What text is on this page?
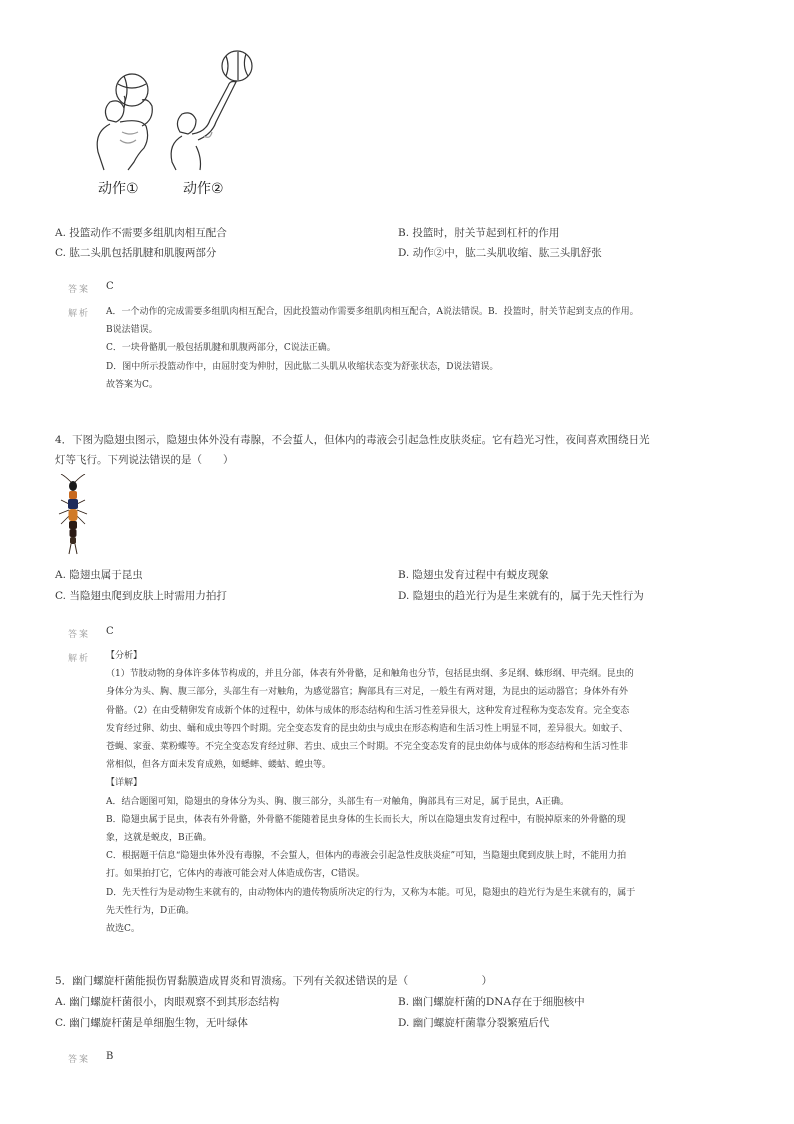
动作①	动作②
A. 投篮动作不需要多组肌肉相互配合	B. 投篮时，肘关节起到杠杆的作用
C. 肱二头肌包括肌腱和肌腹两部分	D. 动作②中，肱二头肌收缩、肱三头肌舒张
答案 C
解析 A．一个动作的完成需要多组肌肉相互配合，因此投篮动作需要多组肌肉相互配合，A说法错误。B．投篮时，肘关节起到支点的作用。

B说法错误。

C．一块骨骼肌一般包括肌腱和肌腹两部分，C说法正确。

D．图中所示投篮动作中，由屈肘变为伸肘，因此肱二头肌从收缩状态变为舒张状态，D说法错误。

故答案为C。

4．下图为隐翅虫图示，隐翅虫体外没有毒腺，不会蜇人，但体内的毒液会引起急性皮肤炎症。它有趋光习性，夜间喜欢围绕日光
灯等飞行。下列说法错误的是（　　）
A. 隐翅虫属于昆虫	B. 隐翅虫发育过程中有蜕皮现象
C. 当隐翅虫爬到皮肤上时需用力拍打	D. 隐翅虫的趋光行为是生来就有的，属于先天性行为
答案 C
解析 【分析】

（1）节肢动物的身体许多体节构成的，并且分部，体表有外骨骼，足和触角也分节，包括昆虫纲、多足纲、蛛形纲、甲壳纲。昆虫的

身体分为头、胸、腹三部分，头部生有一对触角，为感觉器官；胸部具有三对足，一般生有两对翅，为昆虫的运动器官；身体外有外

骨骼。（2）在由受精卵发育成新个体的过程中，幼体与成体的形态结构和生活习性差异很大，这种发育过程称为变态发育。完全变态

发育经过卵、幼虫、蛹和成虫等四个时期。完全变态发育的昆虫幼虫与成虫在形态构造和生活习性上明显不同，差异很大。如蚊子、

苍蝇、家蚕、菜粉蝶等。不完全变态发育经过卵、若虫、成虫三个时期。不完全变态发育的昆虫幼体与成体的形态结构和生活习性非

常相似，但各方面未发育成熟，如蟋蟀、蝼蛄、蝗虫等。

【详解】

A．结合题图可知，隐翅虫的身体分为头、胸、腹三部分，头部生有一对触角，胸部具有三对足，属于昆虫，A正确。

B．隐翅虫属于昆虫，体表有外骨骼，外骨骼不能随着昆虫身体的生长而长大，所以在隐翅虫发育过程中，有脱掉原来的外骨骼的现

象，这就是蜕皮，B正确。

C．根据题干信息“隐翅虫体外没有毒腺，不会蜇人，但体内的毒液会引起急性皮肤炎症”可知，当隐翅虫爬到皮肤上时，不能用力拍

打。如果拍打它，它体内的毒液可能会对人体造成伤害，C错误。

D．先天性行为是动物生来就有的，由动物体内的遗传物质所决定的行为，又称为本能。可见，隐翅虫的趋光行为是生来就有的，属于

先天性行为，D正确。

故选C。

5．幽门螺旋杆菌能损伤胃黏膜造成胃炎和胃溃疡。下列有关叙述错误的是（　　　　　　　）
A. 幽门螺旋杆菌很小，肉眼观察不到其形态结构	B. 幽门螺旋杆菌的DNA存在于细胞核中
C. 幽门螺旋杆菌是单细胞生物，无叶绿体	D. 幽门螺旋杆菌靠分裂繁殖后代
答案 B
